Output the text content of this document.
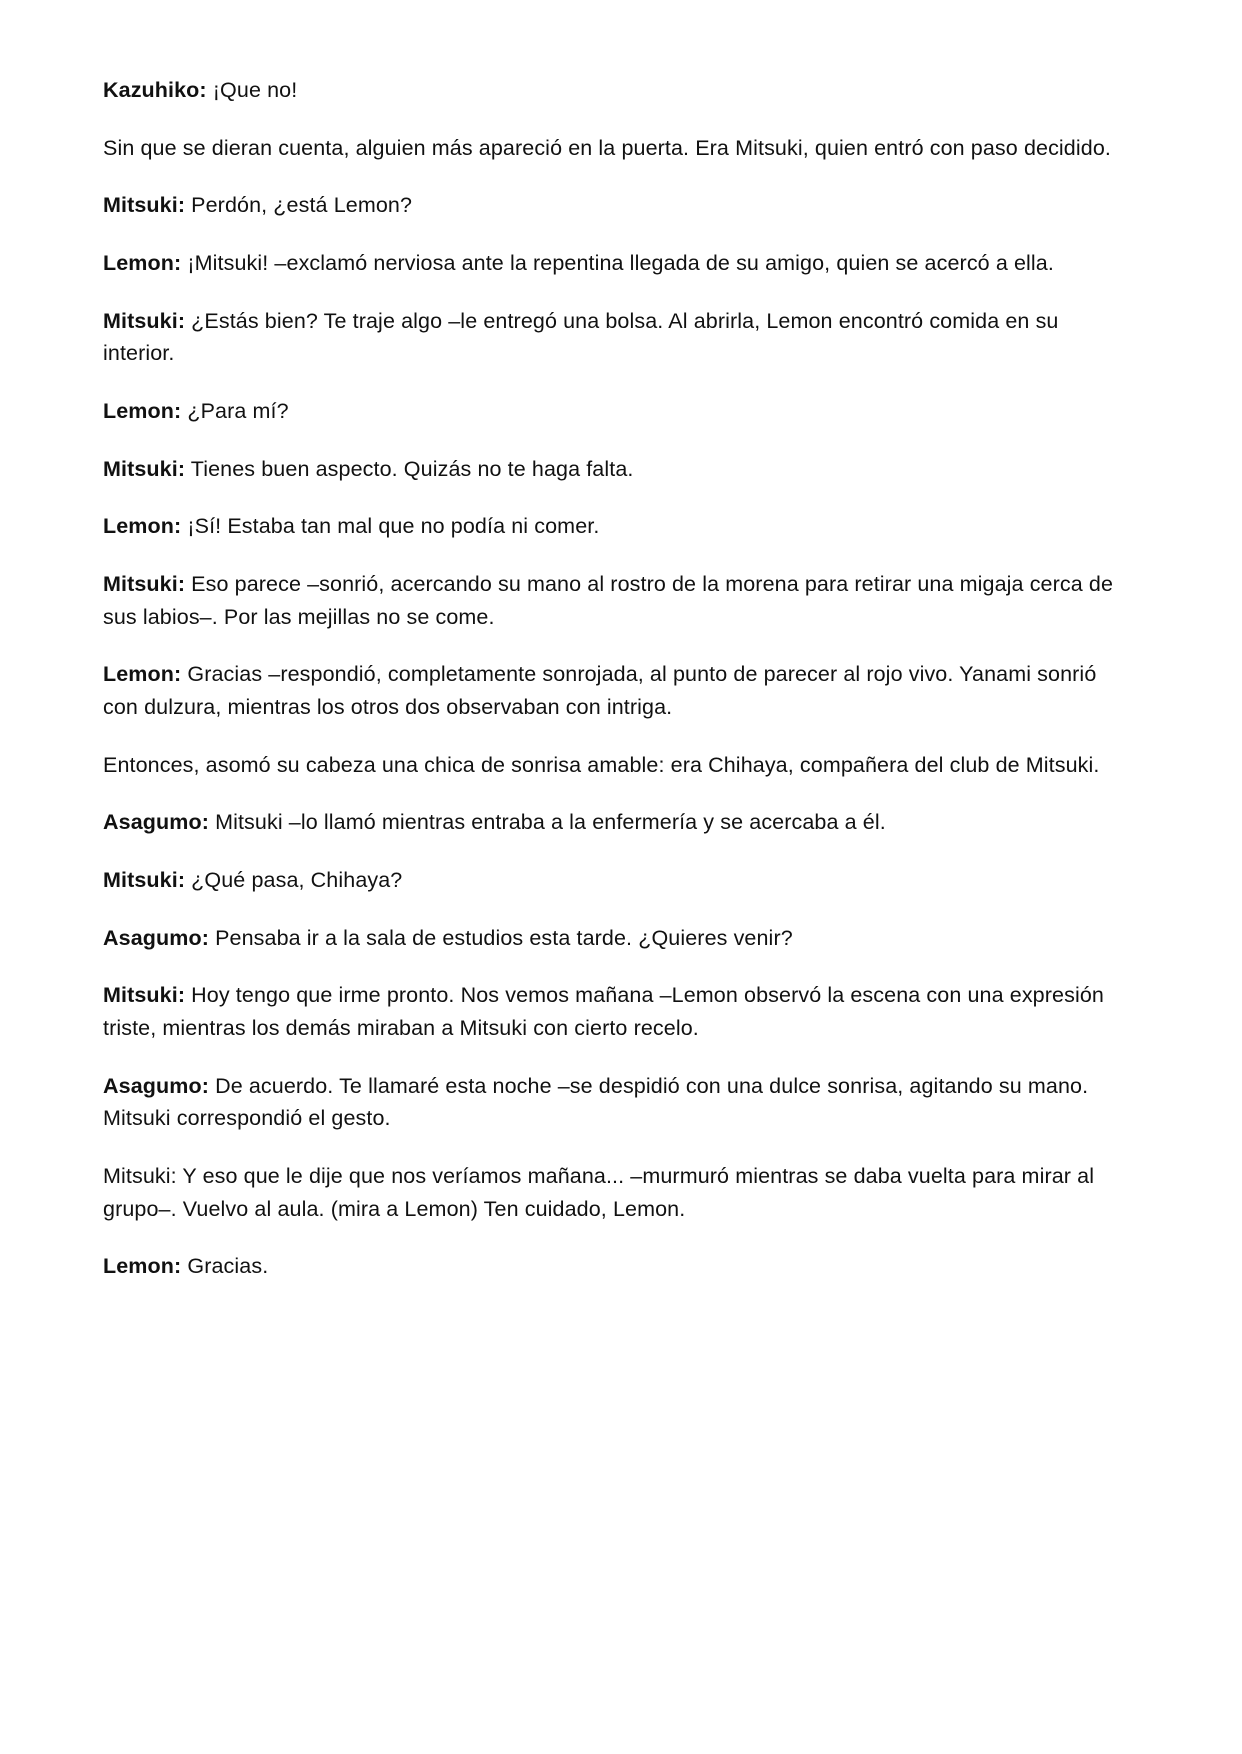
Kazuhiko: ¡Que no!
Sin que se dieran cuenta, alguien más apareció en la puerta. Era Mitsuki, quien entró con paso decidido.
Mitsuki: Perdón, ¿está Lemon?
Lemon: ¡Mitsuki! –exclamó nerviosa ante la repentina llegada de su amigo, quien se acercó a ella.
Mitsuki: ¿Estás bien? Te traje algo –le entregó una bolsa. Al abrirla, Lemon encontró comida en su interior.
Lemon: ¿Para mí?
Mitsuki: Tienes buen aspecto. Quizás no te haga falta.
Lemon: ¡Sí! Estaba tan mal que no podía ni comer.
Mitsuki: Eso parece –sonrió, acercando su mano al rostro de la morena para retirar una migaja cerca de sus labios–. Por las mejillas no se come.
Lemon: Gracias –respondió, completamente sonrojada, al punto de parecer al rojo vivo. Yanami sonrió con dulzura, mientras los otros dos observaban con intriga.
Entonces, asomó su cabeza una chica de sonrisa amable: era Chihaya, compañera del club de Mitsuki.
Asagumo: Mitsuki –lo llamó mientras entraba a la enfermería y se acercaba a él.
Mitsuki: ¿Qué pasa, Chihaya?
Asagumo: Pensaba ir a la sala de estudios esta tarde. ¿Quieres venir?
Mitsuki: Hoy tengo que irme pronto. Nos vemos mañana –Lemon observó la escena con una expresión triste, mientras los demás miraban a Mitsuki con cierto recelo.
Asagumo: De acuerdo. Te llamaré esta noche –se despidió con una dulce sonrisa, agitando su mano. Mitsuki correspondió el gesto.
Mitsuki: Y eso que le dije que nos veríamos mañana... –murmuró mientras se daba vuelta para mirar al grupo–. Vuelvo al aula. (mira a Lemon) Ten cuidado, Lemon.
Lemon: Gracias.
